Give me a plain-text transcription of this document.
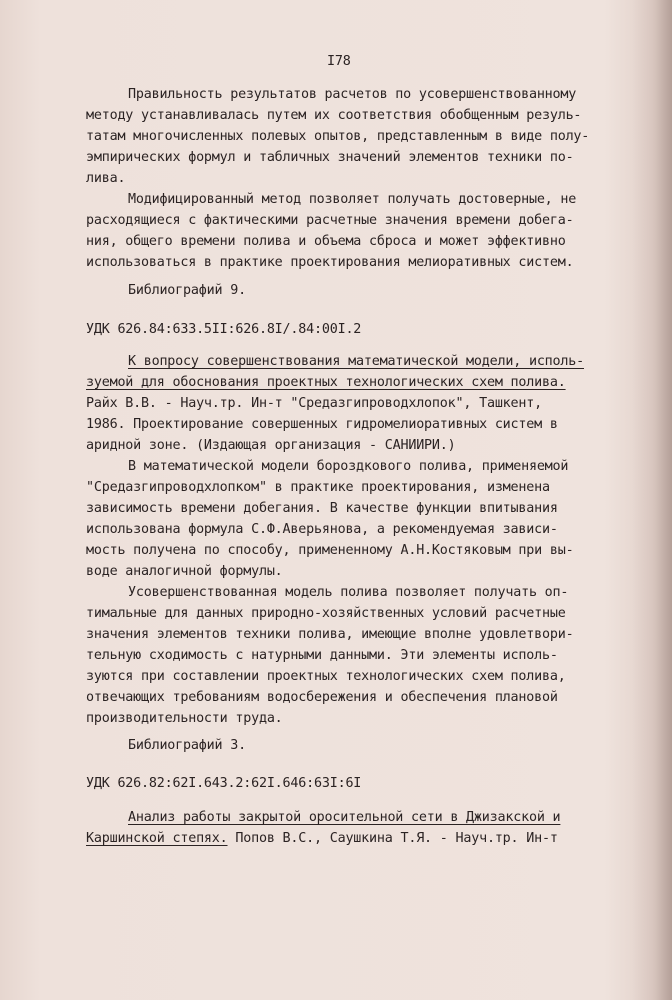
I78
Правильность результатов расчетов по усовершенствованному
методу устанавливалась путем их соответствия обобщенным резуль-
татам многочисленных полевых опытов, представленным в виде полу-
эмпирических формул и табличных значений элементов техники по-
лива.
Модифицированный метод позволяет получать достоверные, не
расходящиеся с фактическими расчетные значения времени добега-
ния, общего времени полива и объема сброса и может эффективно
использоваться в практике проектирования мелиоративных систем.
Библиографий 9.
УДК 626.84:633.5II:626.8I/.84:00I.2
К вопросу совершенствования математической модели, исполь-
зуемой для обоснования проектных технологических схем полива.
Райх В.В. - Науч.тр. Ин-т "Средазгипроводхлопок", Ташкент,
1986. Проектирование совершенных гидромелиоративных систем в
аридной зоне. (Издающая организация - САНИИРИ.)
В математической модели бороздкового полива, применяемой
"Средазгипроводхлопком" в практике проектирования, изменена
зависимость времени добегания. В качестве функции впитывания
использована формула С.Ф.Аверьянова, а рекомендуемая зависи-
мость получена по способу, примененному А.Н.Костяковым при вы-
воде аналогичной формулы.
Усовершенствованная модель полива позволяет получать оп-
тимальные для данных природно-хозяйственных условий расчетные
значения элементов техники полива, имеющие вполне удовлетвори-
тельную сходимость с натурными данными. Эти элементы исполь-
зуются при составлении проектных технологических схем полива,
отвечающих требованиям водосбережения и обеспечения плановой
производительности труда.
Библиографий 3.
УДК 626.82:62I.643.2:62I.646:63I:6I
Анализ работы закрытой оросительной сети в Джизакской и
Каршинской степях. Попов В.С., Саушкина Т.Я. - Науч.тр. Ин-т
